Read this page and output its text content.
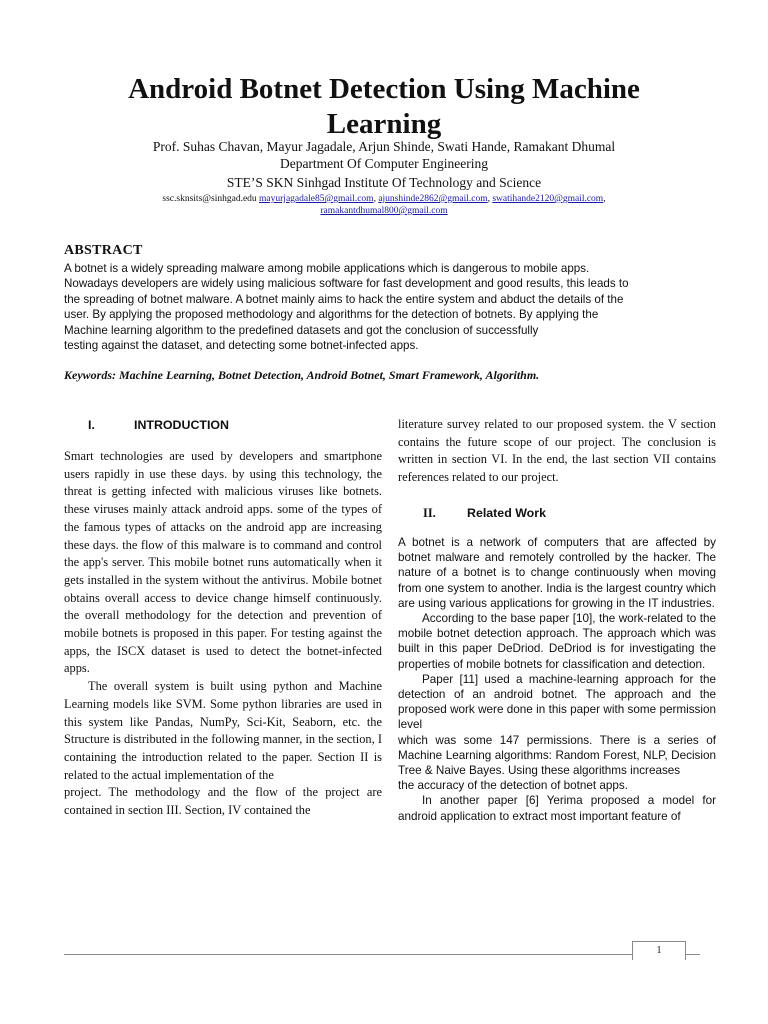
Android Botnet Detection Using Machine
Learning

Prof. Suhas Chavan, Mayur Jagadale, Arjun Shinde, Swati Hande, Ramakant Dhumal

Department Of Computer Engineering

STE’S SKN Sinhgad Institute Of Technology and Science

ssc.sknsits@sinhgad.edu mayurjagadale85@gmail.com, ajunshinde2862@gmail.com, swatihande2120@gmail.com,
ramakantdhumal800@gmail.com

ABSTRACT
A botnet is a widely spreading malware among mobile applications which is dangerous to mobile apps.
Nowadays developers are widely using malicious software for fast development and good results, this leads to
the spreading of botnet malware. A botnet mainly aims to hack the entire system and abduct the details of the
user. By applying the proposed methodology and algorithms for the detection of botnets. By applying the
Machine learning algorithm to the predefined datasets and got the conclusion of successfully
testing against the dataset, and detecting some botnet-infected apps.

Keywords: Machine Learning, Botnet Detection, Android Botnet, Smart Framework, Algorithm.

I.	INTRODUCTION

Smart technologies are used by developers and smartphone users rapidly in use these days. by using this technology, the threat is getting infected with malicious viruses like botnets. these viruses mainly attack android apps. some of the types of the famous types of attacks on the android app are increasing these days. the flow of this malware is to command and control the app's server. This mobile botnet runs automatically when it gets installed in the system without the antivirus. Mobile botnet obtains overall access to device change himself continuously. the overall methodology for the detection and prevention of mobile botnets is proposed in this paper. For testing against the apps, the ISCX dataset is used to detect the botnet-infected apps.

The overall system is built using python and Machine Learning models like SVM. Some python libraries are used in this system like Pandas, NumPy, Sci-Kit, Seaborn, etc. the Structure is distributed in the following manner, in the section, I containing the introduction related to the paper. Section II is related to the actual implementation of the

project. The methodology and the flow of the project are contained in section III. Section, IV contained the

literature survey related to our proposed system. the V section contains the future scope of our project. The conclusion is written in section VI. In the end, the last section VII contains references related to our project.

II.	Related Work

A botnet is a network of computers that are affected by botnet malware and remotely controlled by the hacker. The nature of a botnet is to change continuously when moving from one system to another. India is the largest country which are using various applications for growing in the IT industries.

According to the base paper [10], the work-related to the mobile botnet detection approach. The approach which was built in this paper DeDriod. DeDriod is for investigating the properties of mobile botnets for classification and detection.

Paper [11] used a machine-learning approach for the detection of an android botnet. The approach and the proposed work were done in this paper with some permission level

which was some 147 permissions. There is a series of Machine Learning algorithms: Random Forest, NLP, Decision Tree & Naive Bayes. Using these algorithms increases

the accuracy of the detection of botnet apps.

In another paper [6] Yerima proposed a model for android application to extract most important feature of

1
